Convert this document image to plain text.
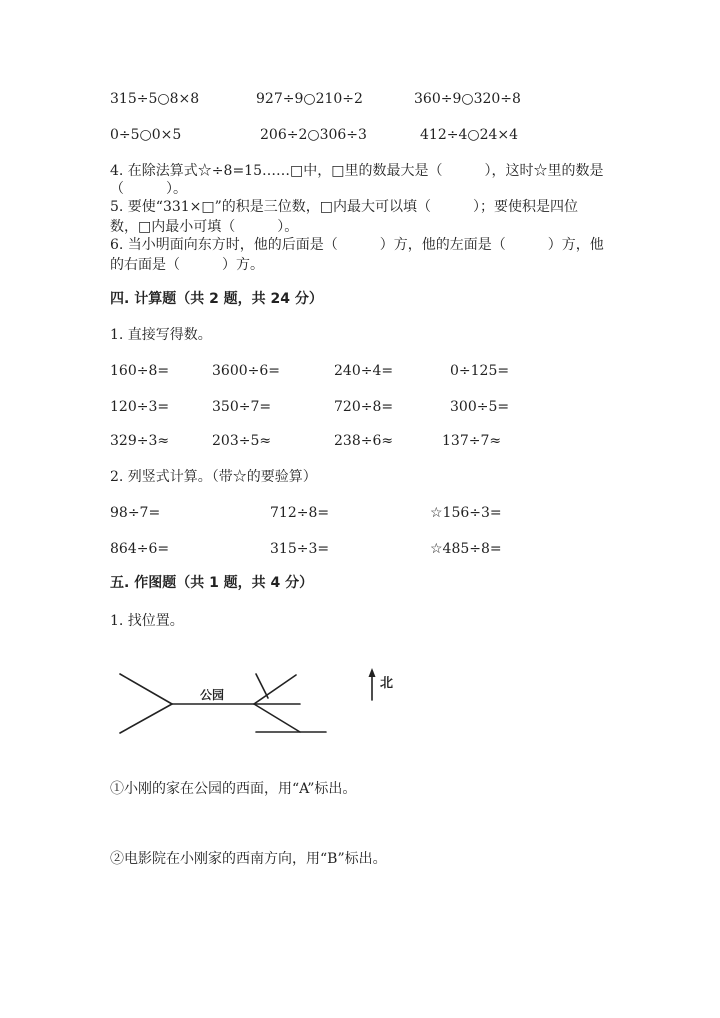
315÷5○8×8	927÷9○210÷2	360÷9○320÷8
0÷5○0×5	206÷2○306÷3	412÷4○24×4
4. 在除法算式☆÷8=15……□中，□里的数最大是（　　　），这时☆里的数是
（　　　）。
5. 要使“331×□”的积是三位数，□内最大可以填（　　　）；要使积是四位
数，□内最小可填（　　　）。
6. 当小明面向东方时，他的后面是（　　　）方，他的左面是（　　　）方，他
的右面是（　　　）方。
四. 计算题（共 2 题，共 24 分）
1. 直接写得数。
160÷8=	3600÷6=	240÷4=	0÷125=
120÷3=	350÷7=	720÷8=	300÷5=
329÷3≈	203÷5≈	238÷6≈	137÷7≈
2. 列竖式计算。（带☆的要验算）
98÷7=	712÷8=	☆156÷3=
864÷6=	315÷3=	☆485÷8=
五. 作图题（共 1 题，共 4 分）
1. 找位置。
公园
北
①小刚的家在公园的西面，用“A”标出。
②电影院在小刚家的西南方向，用“B”标出。
